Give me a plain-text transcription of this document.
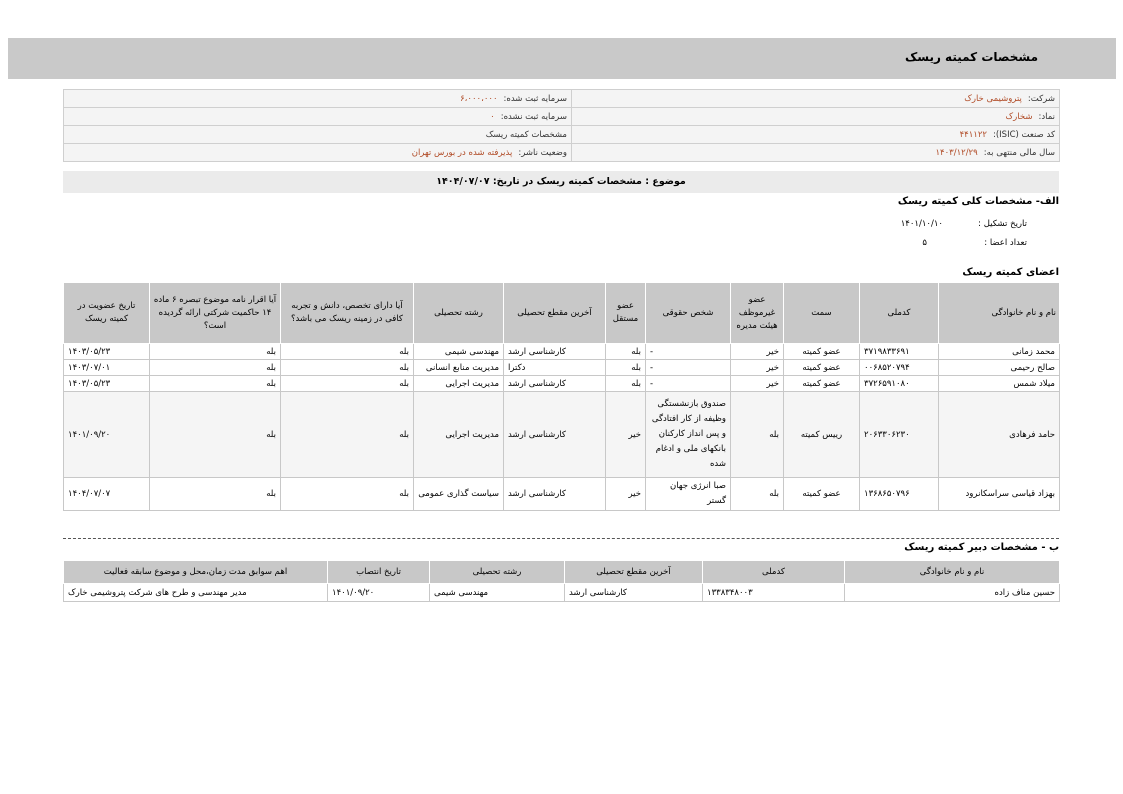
مشخصات کمیته ریسک
شرکت:پتروشیمی خارک	سرمایه ثبت شده:۶،۰۰۰،۰۰۰
نماد:شخارک	سرمایه ثبت نشده:۰
کد صنعت (ISIC):۴۴۱۱۲۲	مشخصات کمیته ریسک
سال مالی منتهی به:۱۴۰۳/۱۲/۲۹	وضعیت ناشر:پذیرفته شده در بورس تهران
موضوع : مشخصات کمیته ریسک در تاریخ: ۱۴۰۴/۰۷/۰۷
الف- مشخصات کلی کمیته ریسک
تاریخ تشکیل :
۱۴۰۱/۱۰/۱۰
تعداد اعضا :
۵
اعضای کمیته ریسک
نام و نام خانوادگی	کدملی	سمت	عضو غیرموظف هیئت مدیره	شخص حقوقی	عضو مستقل	آخرین مقطع تحصیلی	رشته تحصیلی	آیا دارای تخصص، دانش و تجربه کافی در زمینه ریسک می باشد؟	آیا اقرار نامه موضوع تبصره ۶ ماده ۱۴ حاکمیت شرکتی ارائه گردیده است؟	تاریخ عضویت در کمیته ریسک
محمد زمانی	۳۷۱۹۸۳۳۶۹۱	عضو کمیته	خیر	-	بله	کارشناسی ارشد	مهندسی شیمی	بله	بله	۱۴۰۳/۰۵/۲۳
صالح رحیمی	۰۰۶۸۵۲۰۷۹۴	عضو کمیته	خیر	-	بله	دکترا	مدیریت منابع انسانی	بله	بله	۱۴۰۳/۰۷/۰۱
میلاد شمس	۳۷۲۶۵۹۱۰۸۰	عضو کمیته	خیر	-	بله	کارشناسی ارشد	مدیریت اجرایی	بله	بله	۱۴۰۳/۰۵/۲۳
حامد فرهادی	۲۰۶۳۳۰۶۲۳۰	رییس کمیته	بله	صندوق بازنشستگی وظیفه از کار افتادگی و پس انداز کارکنان بانکهای ملی و ادغام شده	خیر	کارشناسی ارشد	مدیریت اجرایی	بله	بله	۱۴۰۱/۰۹/۲۰
بهزاد قیاسی سراسکانرود	۱۳۶۸۶۵۰۷۹۶	عضو کمیته	بله	صبا انرژی جهان گستر	خیر	کارشناسی ارشد	سیاست گذاری عمومی	بله	بله	۱۴۰۴/۰۷/۰۷
ب - مشخصات دبیر کمیته ریسک
نام و نام خانوادگی	کدملی	آخرین مقطع تحصیلی	رشته تحصیلی	تاریخ انتصاب	اهم سوابق مدت زمان،محل و موضوع سابقه فعالیت
حسین مناف زاده	۱۳۳۸۳۴۸۰۰۳	کارشناسی ارشد	مهندسی شیمی	۱۴۰۱/۰۹/۲۰	مدیر مهندسی و طرح های شرکت پتروشیمی خارک
